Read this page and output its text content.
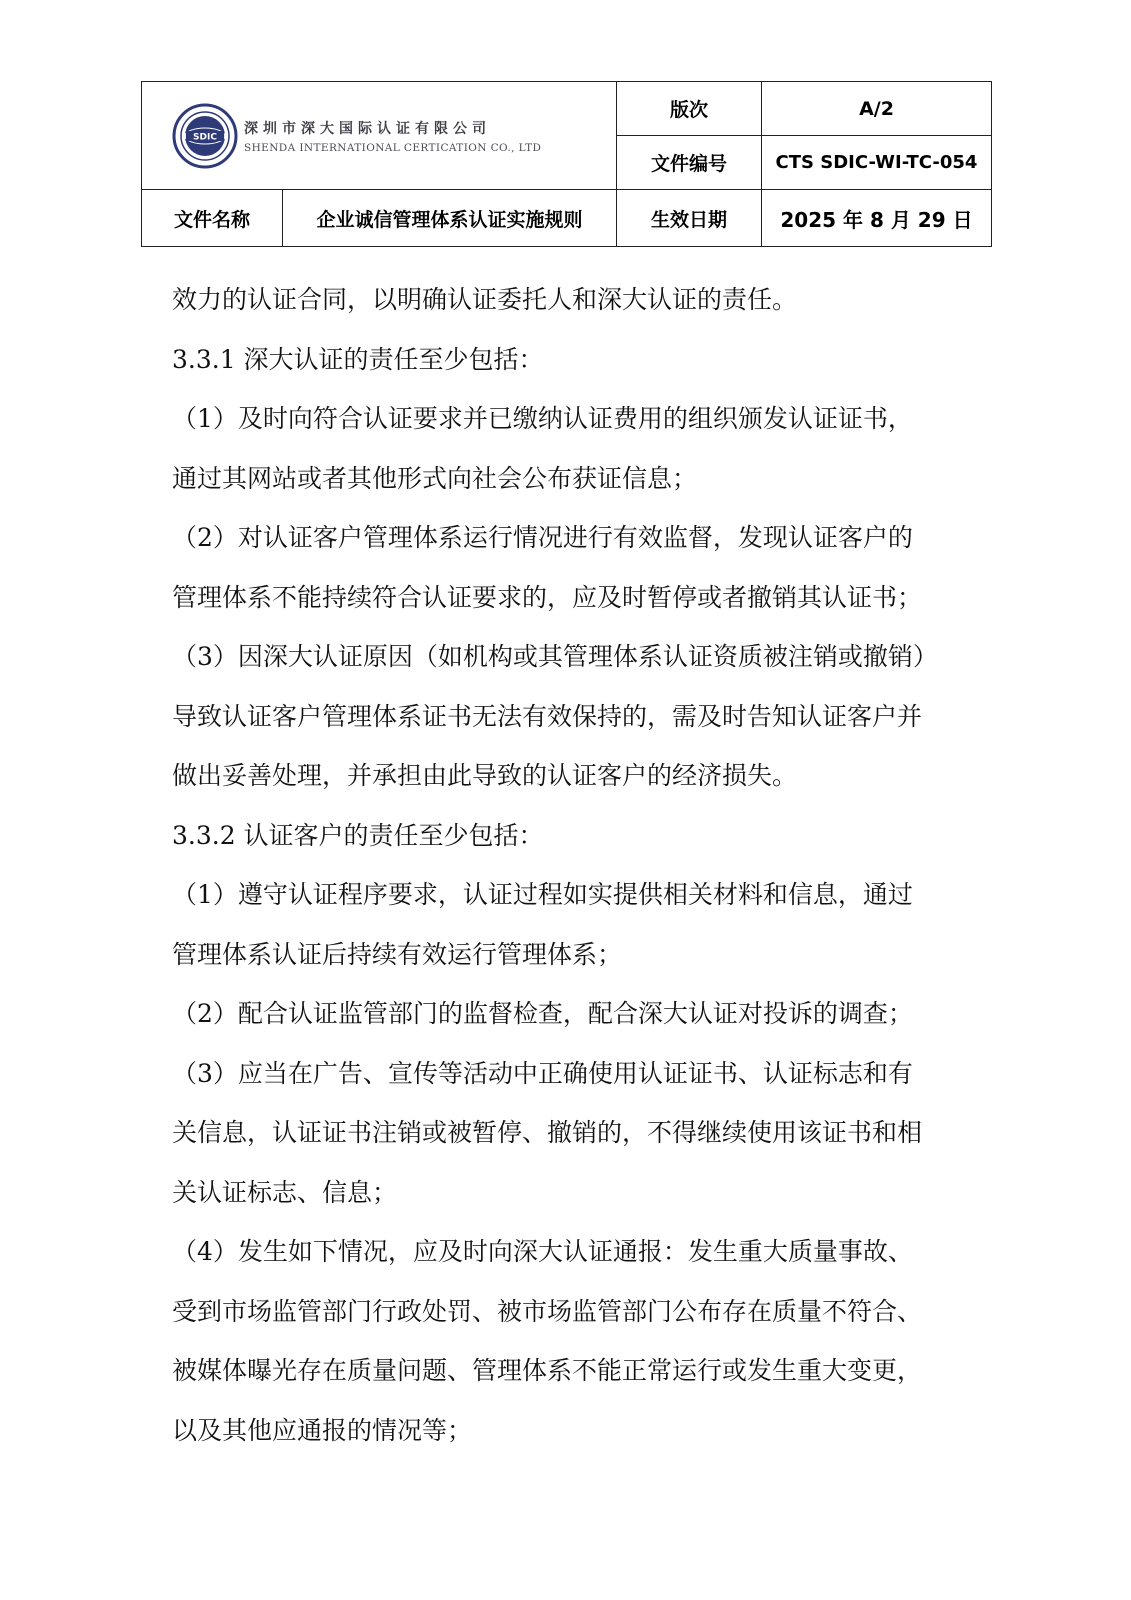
SDIC
深圳市深大国际认证有限公司
SHENDA INTERNATIONAL CERTICATION CO., LTD		版次	A/2
		文件编号	CTS SDIC-WI-TC-054
文件名称	企业诚信管理体系认证实施规则	生效日期	2025 年 8 月 29 日

效力的认证合同，以明确认证委托人和深大认证的责任。

3.3.1 深大认证的责任至少包括：

（1）及时向符合认证要求并已缴纳认证费用的组织颁发认证证书，

通过其网站或者其他形式向社会公布获证信息；

（2）对认证客户管理体系运行情况进行有效监督，发现认证客户的

管理体系不能持续符合认证要求的，应及时暂停或者撤销其认证书；

（3）因深大认证原因（如机构或其管理体系认证资质被注销或撤销）

导致认证客户管理体系证书无法有效保持的，需及时告知认证客户并

做出妥善处理，并承担由此导致的认证客户的经济损失。

3.3.2 认证客户的责任至少包括：

（1）遵守认证程序要求，认证过程如实提供相关材料和信息，通过

管理体系认证后持续有效运行管理体系；

（2）配合认证监管部门的监督检查，配合深大认证对投诉的调查；

（3）应当在广告、宣传等活动中正确使用认证证书、认证标志和有

关信息，认证证书注销或被暂停、撤销的，不得继续使用该证书和相

关认证标志、信息；

（4）发生如下情况，应及时向深大认证通报：发生重大质量事故、

受到市场监管部门行政处罚、被市场监管部门公布存在质量不符合、

被媒体曝光存在质量问题、管理体系不能正常运行或发生重大变更，

以及其他应通报的情况等；
